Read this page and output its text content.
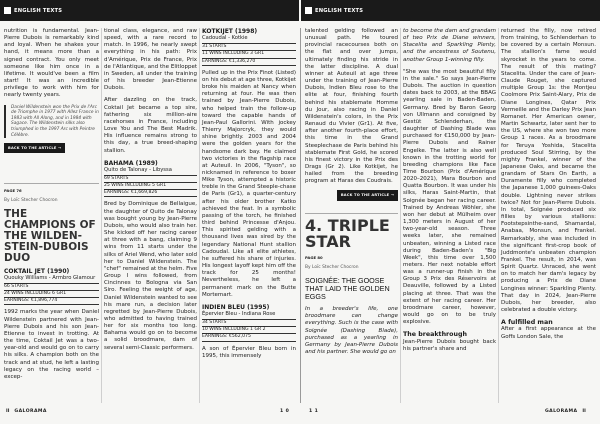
ENGLISH TEXTS	ENGLISH TEXTS

nutrition is fundamental. Jean-Pierre Dubois is remarkably kind and loyal. When he shakes your hand, it means more than a signed contract. You only meet someone like him once in a lifetime. It would've been a film start! It was an incredible privilege to work with him for nearly twenty years.

Daniel Wildenstein won the Prix de l'Arc de Triomphe in 1977 with Allez France in 1983 with All Along, and in 1984 with Sagace. The Wildenstein silks also triumphed in the 1997 Arc with Peintre Célèbre.
BACK TO THE ARTICLE →
PAGE 76
By Loïc Stecher Chocron
THE CHAMPIONS OF THE WILDEN-STEIN-DUBOIS DUO
COKTAIL JET (1990)
Quouky Williams - Armbro Glamour
66 STARTS
24 WINS INCLUDING 6 GR1
EARNINGS: €1,896,774

1992 marks the year when Daniel Wildenstein partnered with Jean-Pierre Dubois and his son Jean-Etienne to invest in trotting. At the time, Coktail Jet was a two-year-old and would go on to carry his silks. A champion both on the track and at stud, he left a lasting legacy on the racing world – excep-

tional class, elegance, and raw speed, with a rare record to match. In 1996, he nearly swept everything in his path: Prix d'Amérique, Prix de France, Prix de l'Atlantique, and the Elitloppet in Sweden, all under the training of his breeder Jean-Etienne Dubois.

After dazzling on the track, Coktail Jet became a top sire, fathering six million-aire racehorses in France, including Love You and The Best Madrik. His influence remains strong to this day, a true breed-shaping stallion.

BAHAMA (1989)
Quito de Talonay - Libyssa
69 STARTS
25 WINS INCLUDING 5 GR1
EARNINGS: €1,669,826

Bred by Dominique de Bellaigue, the daughter of Quito de Talonay was bought young by Jean-Pierre Dubois, who would also train her. She kicked off her racing career at three with a bang, claiming 9 wins from 11 starts under the silks of Ariel Wend, who later sold her to Daniel Wildenstein. The "chef" remained at the helm. Five Group I wins followed, from Cincinnes to Bologna via San Siro. Feeling the weight of age, Daniel Wildenstein wanted to see his mare run, a decision later regretted by Jean-Pierre Dubois, who admitted to having trained her for six months too long. Bahama would go on to become a solid broodmare, dam of several semi-Classic performers.

KOTKIJET (1998)
Cadoudal - Kotkie
31 STARTS
11 WINS INCLUDING 3 GR1
EARNINGS: €1,336,270

Pulled up in the Prix Finot (Listed) on his debut at age three, Kotkijet broke his maiden at Nancy when returning at four. He was then trained by Jean-Pierre Dubois, who helped train the follow-up toward the capable hands of Jean-Paul Gallorini. With jockey Thierry Majorcryk, they would shine brightly. 2003 and 2004 were the golden years for the handsome dark bay. He claimed two victories in the flagship race at Auteuil. In 2006, "Tyson", so nicknamed in reference to boxer Mike Tyson, attempted a historic treble in the Grand Steeple-chase de Paris (Gr1), a quarter-century after his older brother Katko achieved the feat. In a symbolic passing of the torch, he finished third behind Princesse d'Anjou. This spirited gelding with a thousand lives was sired by the legendary National Hunt stallion Cadoudal. Like all elite athletes, he suffered his share of injuries. His longest layoff kept him off the track for 25 months! Nevertheless, he left a permanent mark on the Butte Mortemart.

INDIEN BLEU (1995)
Épervier Bleu - Indiana Rose
34 STARTS
10 WINS INCLUDING 1 GR 2
EARNINGS: €562,075

A son of Épervier Bleu born in 1995, this immensely

talented gelding followed an unusual path. He toured provincial racecourses both on the flat and over jumps, ultimately finding his stride in the latter discipline. A dual winner at Auteuil at age three under the training of Jean-Pierre Dubois, Indien Bleu rose to the elite at four, finishing fourth behind his stablemate Homme du Jour, also racing in Daniel Wildenstein's colors, in the Prix Renaud du Vivier (Gr1). At five, after another fourth-place effort, this time in the Grand Steeplechase de Paris behind his stablemate First Gold, he scored his finest victory in the Prix des Drags (Gr 2). Like Kotkijet, he hailed from the breeding program at Haras des Coudrais.

BACK TO THE ARTICLE →
4. TRIPLE STAR
PAGE 80
By Loïc Stecher Chocron
SOIGNÉE: THE GOOSE THAT LAID THE GOLDEN EGGS

In a breeder's life, one broodmare can change everything. Such is the case with Soignée (Dashing Blade), purchased as a yearling in Germany by Jean-Pierre Dubois and his partner. She would go on

to become the dam and grandam of two Prix de Diane winners, Stacelita and Sparkling Plenty, and the ancestress of Soutenu, another Group 1-winning filly.

"She was the most beautiful filly in the sale." So says Jean-Pierre Dubois. The auction in question dates back to 2003, at the BBAG yearling sale in Baden-Baden, Germany. Bred by Baron Georg von Ullmann and consigned by Gestüt Schlenderhan, the daughter of Dashing Blade was purchased for €150,000 by Jean-Pierre Dubois and Rainer Engelke. The latter is also well known in the trotting world for breeding champions like Face Time Bourbon (Prix d'Amérique 2020–2021), Mara Bourbon and Quatta Bourbon. It was under his silks, Haras Saint-Martin, that Soignée began her racing career. Trained by Andreas Wöhler, she won her debut at Mülheim over 1,300 meters in August of her two-year-old season. Three weeks later, she remained unbeaten, winning a Listed race during Baden-Baden's "Big Week", this time over 1,500 meters. Her next notable effort was a runner-up finish in the Group 3 Prix des Réservoirs at Deauville, followed by a Listed placing at three. That was the extent of her racing career. Her broodmare career, however, would go on to be truly explosive.

The breakthrough

Jean-Pierre Dubois bought back his partner's share and

returned the filly, now retired from training, to Schlenderhan to be covered by a certain Monsun. The stallion's fame would skyrocket in the years to come. The result of this mating? Stacelita. Under the care of Jean-Claude Rouget, she captured multiple Group 1s: the Montjeu Coolmore Prix Saint-Alary, Prix de Diane Longines, Qatar Prix Vermeille and the Darley Prix Jean Romanet. Her American owner, Martin Schwartz, later sent her to the US, where she won two more Group 1 races. As a broodmare for Teruya Yoshida, Stacelita produced Soul Stirring, by the mighty Frankel, winner of the Japanese Oaks, and became the grandam of Stars On Earth, a Duramente filly who completed the Japanese 1,000 guinees-Oaks double. Lightning never strikes twice? Not for Jean-Pierre Dubois. In total, Soignée produced six fillies by various stallions: Footstepsinthe-sand, Shamardal, Anabaa, Monsun, and Frankel. Remarkably, she was included in the significant first-crop book of Juddmonte's unbeaten champion Frankel. The result, in 2014, was Spirit Quartz. Unraced, she went on to match her dam's legacy by producing a Prix de Diane Longines winner: Sparkling Plenty. That day in 2024, Jean-Pierre Dubois, her breeder, also celebrated a double victory.

A fulfilled man

After a first appearance at the Goffs London Sale, the

II GALORAMA	1 0	1 1	GALORAMA II
